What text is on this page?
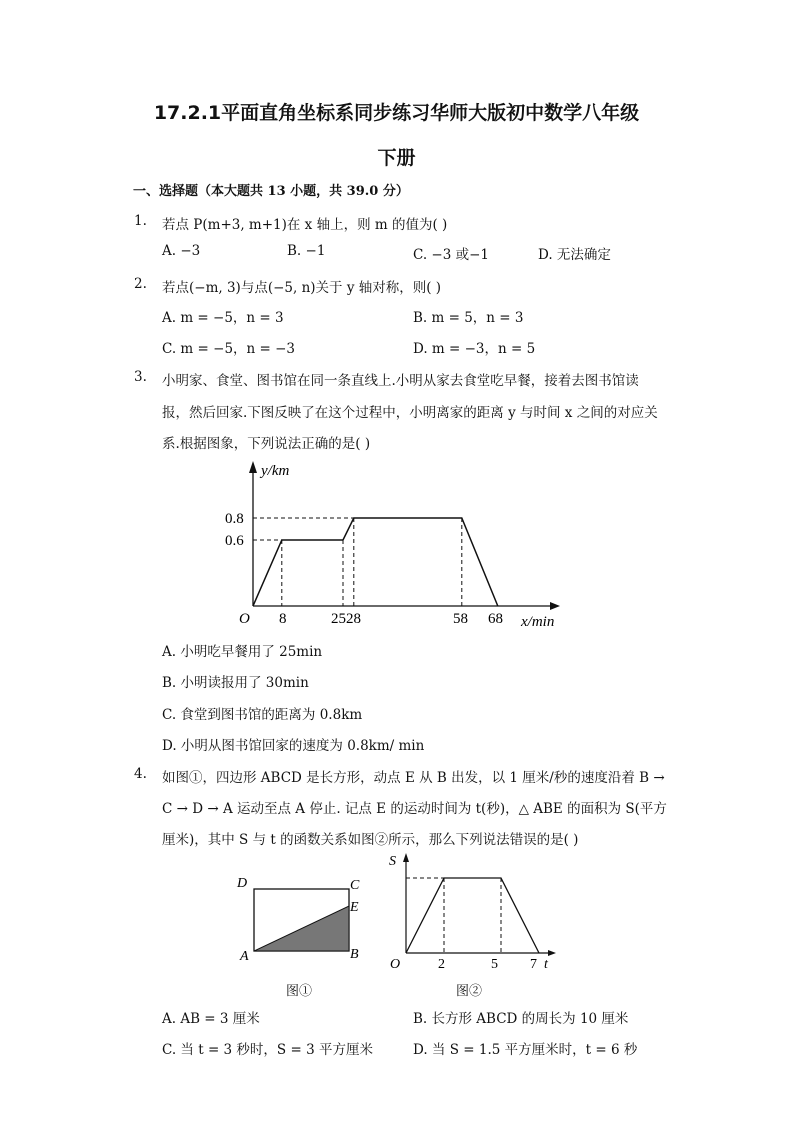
17.2.1平面直角坐标系同步练习华师大版初中数学八年级
下册
一、选择题（本大题共 13 小题，共 39.0 分）
1. 若点 P(m+3, m+1)在 x 轴上，则 m 的值为( )
A. −3	B. −1	C. −3 或−1	D. 无法确定
2. 若点(−m, 3)与点(−5, n)关于 y 轴对称，则( )
A. m = −5，n = 3	B. m = 5，n = 3
C. m = −5，n = −3	D. m = −3，n = 5
3. 小明家、食堂、图书馆在同一条直线上.小明从家去食堂吃早餐，接着去图书馆读
报，然后回家.下图反映了在这个过程中，小明离家的距离 y 与时间 x 之间的对应关
系.根据图象，下列说法正确的是( )
y/km
O	x/min
0.8
0.6
8	2528	58 68
A. 小明吃早餐用了 25min
B. 小明读报用了 30min
C. 食堂到图书馆的距离为 0.8km
D. 小明从图书馆回家的速度为 0.8km/ min
4. 如图①，四边形 ABCD 是长方形，动点 E 从 B 出发，以 1 厘米/秒的速度沿着 B →
C → D → A 运动至点 A 停止. 记点 E 的运动时间为 t(秒)，△ ABE 的面积为 S(平方
厘米)，其中 S 与 t 的函数关系如图②所示，那么下列说法错误的是( )
D	C
E
A	B
图①
S
O	t
2	5 7
图②
A. AB = 3 厘米	B. 长方形 ABCD 的周长为 10 厘米
C. 当 t = 3 秒时，S = 3 平方厘米	D. 当 S = 1.5 平方厘米时，t = 6 秒
